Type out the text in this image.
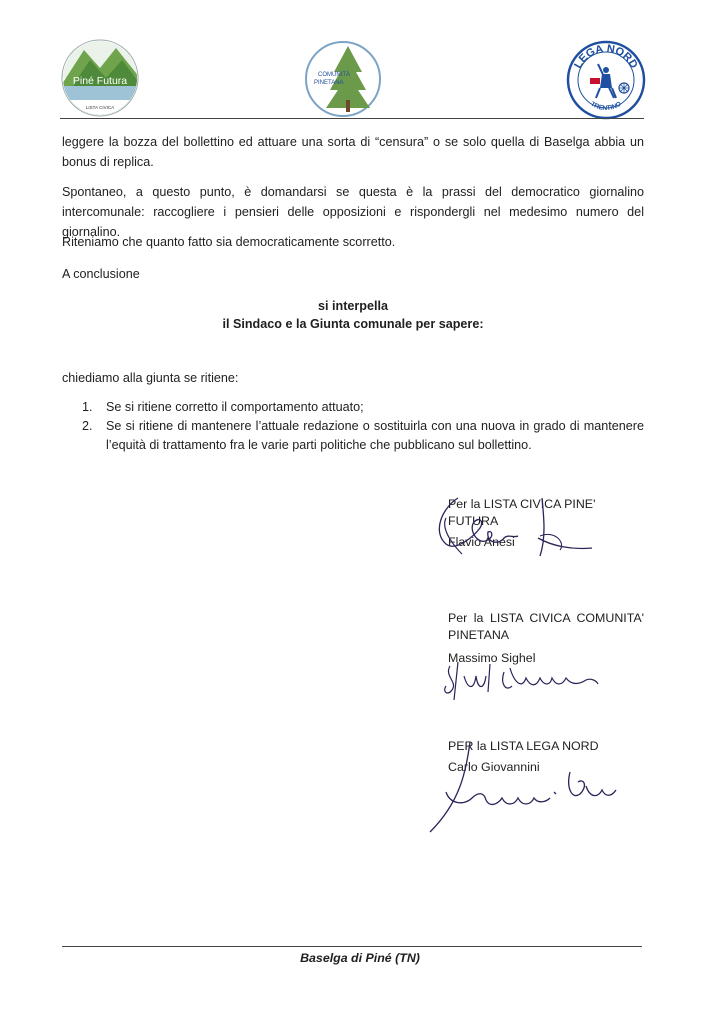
Piné Futura
LISTA CIVICA
COMUNITÀ
PINETANA
LEGA NORD
TRENTINO
leggere la bozza del bollettino ed attuare una sorta di “censura” o se solo quella di Baselga abbia un bonus di replica.
Spontaneo, a questo punto, è domandarsi se questa è la prassi del democratico giornalino intercomunale: raccogliere i pensieri delle opposizioni e rispondergli nel medesimo numero del giornalino.
Riteniamo che quanto fatto sia democraticamente scorretto.
A conclusione
si interpella
il Sindaco e la Giunta comunale per sapere:
chiediamo alla giunta se ritiene:
1. Se si ritiene corretto il comportamento attuato;
2. Se si ritiene di mantenere l’attuale redazione o sostituirla con una nuova in grado di mantenere l’equità di trattamento fra le varie parti politiche che pubblicano sul bollettino.
Per la LISTA CIVICA PINE' FUTURA
Flavio Anesi
Per la LISTA CIVICA COMUNITA'
PINETANA
Massimo Sighel
PER la LISTA LEGA NORD
Carlo Giovannini
Baselga di Piné (TN)
